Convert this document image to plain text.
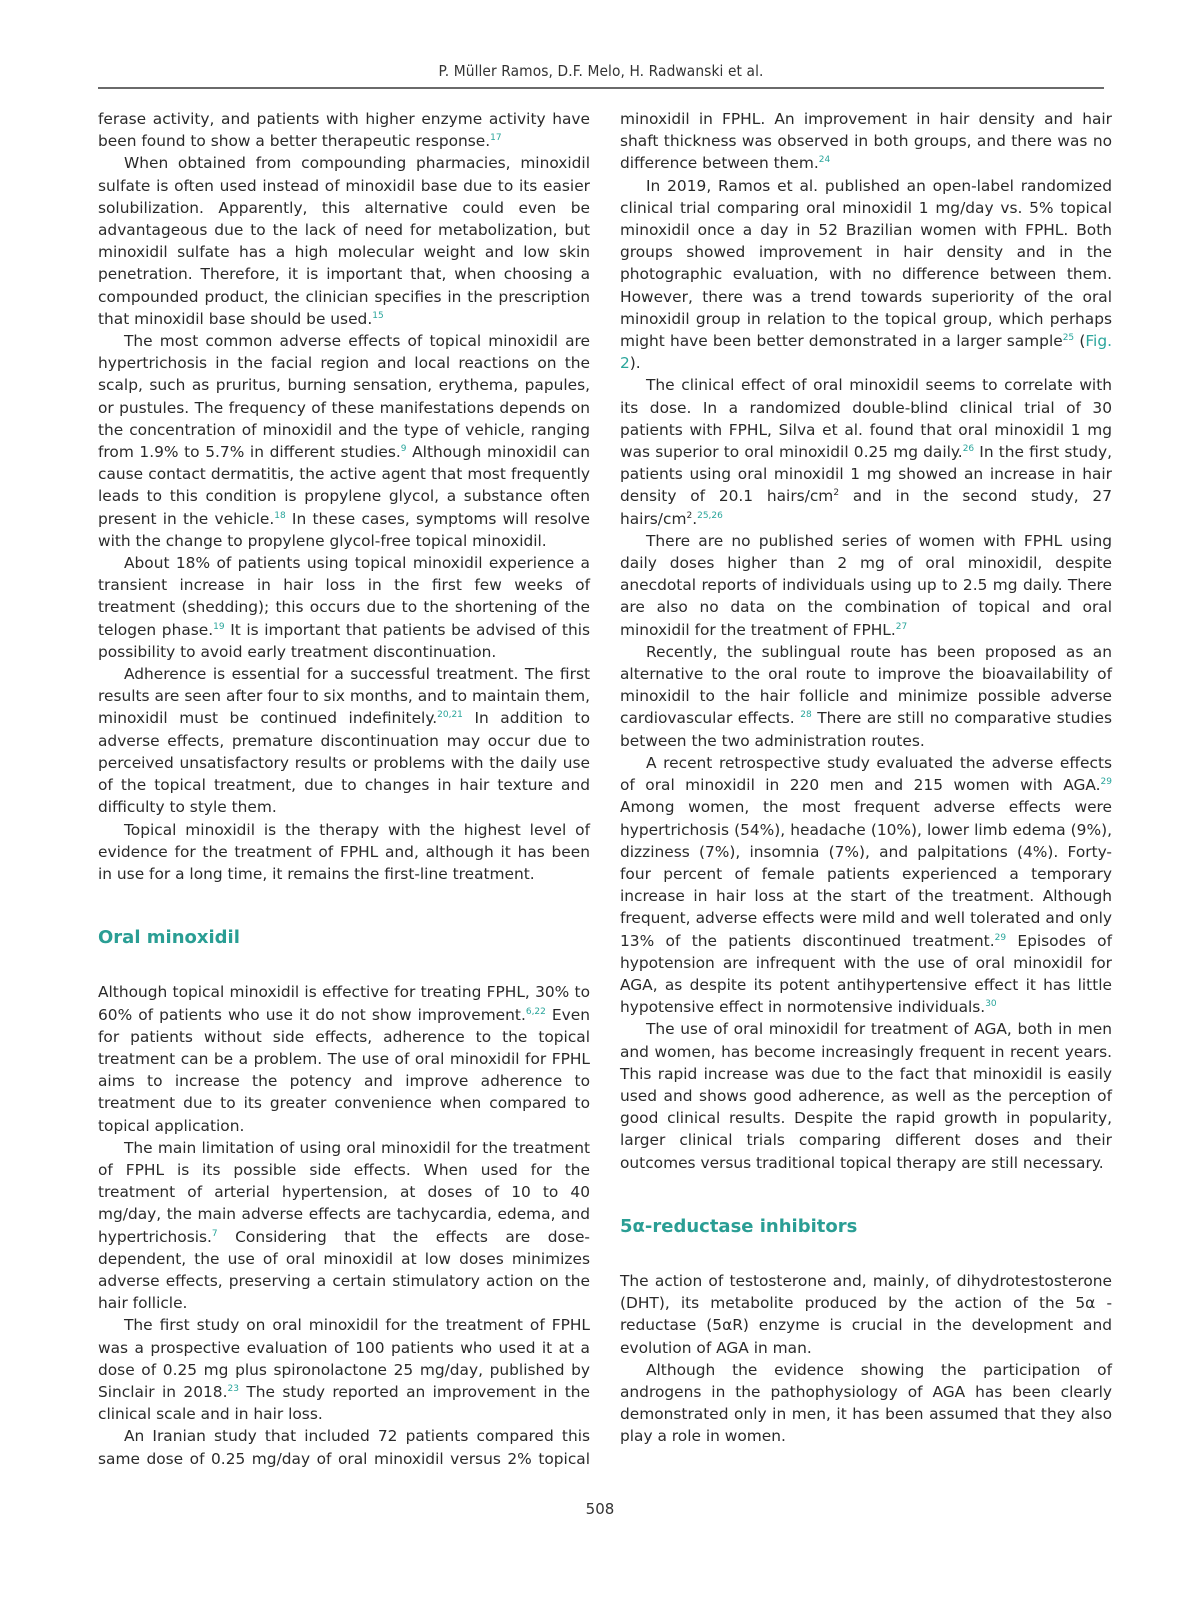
P. Müller Ramos, D.F. Melo, H. Radwanski et al.

ferase activity, and patients with higher enzyme activity have been found to show a better therapeutic response.$^{17}$

When obtained from compounding pharmacies, minoxidil sulfate is often used instead of minoxidil base due to its easier solubilization. Apparently, this alternative could even be advantageous due to the lack of need for metabolization, but minoxidil sulfate has a high molecular weight and low skin penetration. Therefore, it is important that, when choosing a compounded product, the clinician specifies in the prescription that minoxidil base should be used.$^{15}$

The most common adverse effects of topical minoxidil are hypertrichosis in the facial region and local reactions on the scalp, such as pruritus, burning sensation, erythema, papules, or pustules. The frequency of these manifestations depends on the concentration of minoxidil and the type of vehicle, ranging from 1.9% to 5.7% in different studies.$^9$ Although minoxidil can cause contact dermatitis, the active agent that most frequently leads to this condition is propylene glycol, a substance often present in the vehicle.$^{18}$ In these cases, symptoms will resolve with the change to propylene glycol-free topical minoxidil.

About 18% of patients using topical minoxidil experience a transient increase in hair loss in the first few weeks of treatment (shedding); this occurs due to the shortening of the telogen phase.$^{19}$ It is important that patients be advised of this possibility to avoid early treatment discontinuation.

Adherence is essential for a successful treatment. The first results are seen after four to six months, and to maintain them, minoxidil must be continued indefinitely.$^{20,21}$ In addition to adverse effects, premature discontinuation may occur due to perceived unsatisfactory results or problems with the daily use of the topical treatment, due to changes in hair texture and difficulty to style them.

Topical minoxidil is the therapy with the highest level of evidence for the treatment of FPHL and, although it has been in use for a long time, it remains the first-line treatment.

Oral minoxidil

Although topical minoxidil is effective for treating FPHL, 30% to 60% of patients who use it do not show improvement.$^{6,22}$ Even for patients without side effects, adherence to the topical treatment can be a problem. The use of oral minoxidil for FPHL aims to increase the potency and improve adherence to treatment due to its greater convenience when compared to topical application.

The main limitation of using oral minoxidil for the treatment of FPHL is its possible side effects. When used for the treatment of arterial hypertension, at doses of 10 to 40 mg/day, the main adverse effects are tachycardia, edema, and hypertrichosis.$^7$ Considering that the effects are dose-dependent, the use of oral minoxidil at low doses minimizes adverse effects, preserving a certain stimulatory action on the hair follicle.

The first study on oral minoxidil for the treatment of FPHL was a prospective evaluation of 100 patients who used it at a dose of 0.25 mg plus spironolactone 25 mg/day, published by Sinclair in 2018.23 The study reported an improvement in the clinical scale and in hair loss.

An Iranian study that included 72 patients compared this same dose of 0.25 mg/day of oral minoxidil versus 2% topical

minoxidil in FPHL. An improvement in hair density and hair shaft thickness was observed in both groups, and there was no difference between them.$^{24}$

In 2019, Ramos et al. published an open-label randomized clinical trial comparing oral minoxidil 1 mg/day vs. 5% topical minoxidil once a day in 52 Brazilian women with FPHL. Both groups showed improvement in hair density and in the photographic evaluation, with no difference between them. However, there was a trend towards superiority of the oral minoxidil group in relation to the topical group, which perhaps might have been better demonstrated in a larger sample$^{25}$ (Fig. 2).

The clinical effect of oral minoxidil seems to correlate with its dose. In a randomized double-blind clinical trial of 30 patients with FPHL, Silva et al. found that oral minoxidil 1 mg was superior to oral minoxidil 0.25 mg daily.$^{26}$ In the first study, patients using oral minoxidil 1 mg showed an increase in hair density of 20.1 hairs/$cm^2$ and in the second study, 27 hairs/$cm^2.^{25,26}$

There are no published series of women with FPHL using daily doses higher than 2 mg of oral minoxidil, despite anecdotal reports of individuals using up to 2.5 mg daily. There are also no data on the combination of topical and oral minoxidil for the treatment of FPHL.$^{27}$

Recently, the sublingual route has been proposed as an alternative to the oral route to improve the bioavailability of minoxidil to the hair follicle and minimize possible adverse cardiovascular effects. $^{28}$ There are still no comparative studies between the two administration routes.

A recent retrospective study evaluated the adverse effects of oral minoxidil in 220 men and 215 women with AGA.$^{29}$ Among women, the most frequent adverse effects were hypertrichosis (54%), headache (10%), lower limb edema (9%), dizziness (7%), insomnia (7%), and palpitations (4%). Forty-four percent of female patients experienced a temporary increase in hair loss at the start of the treatment. Although frequent, adverse effects were mild and well tolerated and only 13% of the patients discontinued treatment.$^{29}$ Episodes of hypotension are infrequent with the use of oral minoxidil for AGA, as despite its potent antihypertensive effect it has little hypotensive effect in normotensive individuals.$^{30}$

The use of oral minoxidil for treatment of AGA, both in men and women, has become increasingly frequent in recent years. This rapid increase was due to the fact that minoxidil is easily used and shows good adherence, as well as the perception of good clinical results. Despite the rapid growth in popularity, larger clinical trials comparing different doses and their outcomes versus traditional topical therapy are still necessary.

5α-reductase inhibitors

The action of testosterone and, mainly, of dihydrotestosterone (DHT), its metabolite produced by the action of the 5α -reductase (5αR) enzyme is crucial in the development and evolution of AGA in man.

Although the evidence showing the participation of androgens in the pathophysiology of AGA has been clearly demonstrated only in men, it has been assumed that they also play a role in women.

508
